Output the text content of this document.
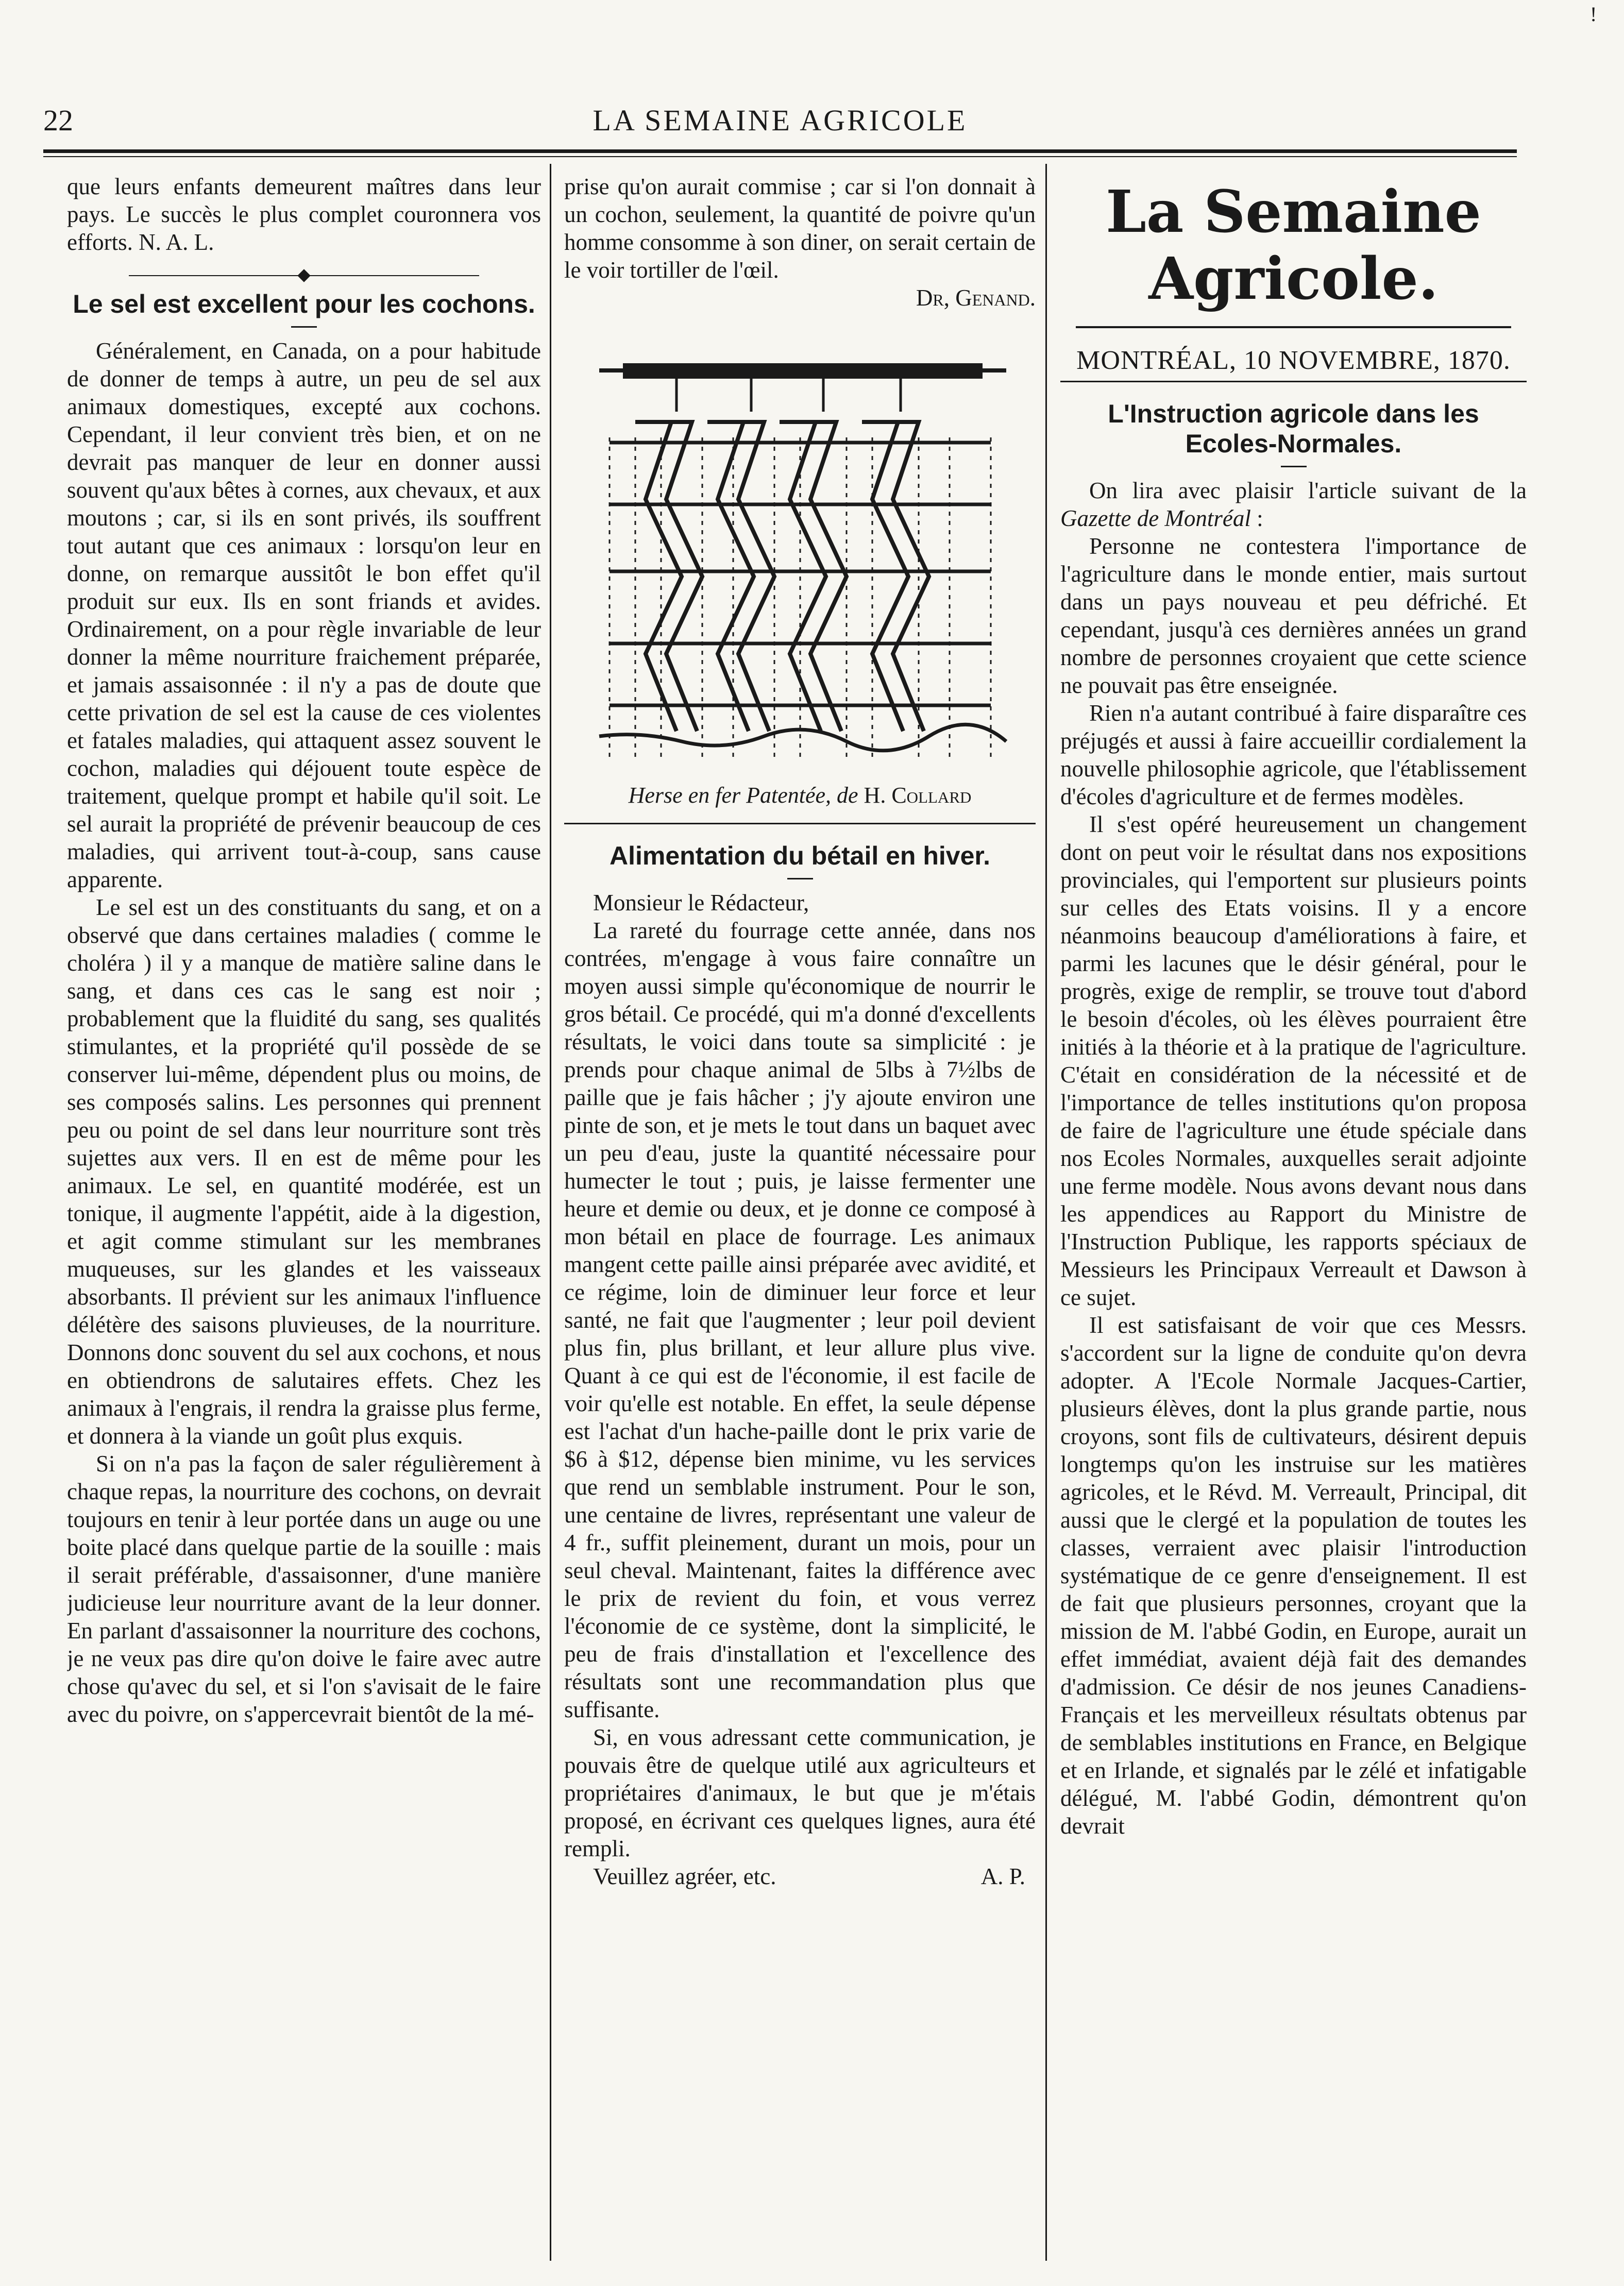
22	LA SEMAINE AGRICOLE
!

que leurs enfants demeurent maîtres dans leur pays. Le succès le plus complet couronnera vos efforts. N. A. L.

Le sel est excellent pour les cochons.

Généralement, en Canada, on a pour habitude de donner de temps à autre, un peu de sel aux animaux domestiques, excepté aux cochons. Cependant, il leur convient très bien, et on ne devrait pas manquer de leur en donner aussi souvent qu'aux bêtes à cornes, aux chevaux, et aux moutons ; car, si ils en sont privés, ils souffrent tout autant que ces animaux : lorsqu'on leur en donne, on remarque aussitôt le bon effet qu'il produit sur eux. Ils en sont friands et avides. Ordinairement, on a pour règle invariable de leur donner la même nourriture fraichement préparée, et jamais assaisonnée : il n'y a pas de doute que cette privation de sel est la cause de ces violentes et fatales maladies, qui attaquent assez souvent le cochon, maladies qui déjouent toute espèce de traitement, quelque prompt et habile qu'il soit. Le sel aurait la propriété de prévenir beaucoup de ces maladies, qui arrivent tout-à-coup, sans cause apparente.

Le sel est un des constituants du sang, et on a observé que dans certaines maladies ( comme le choléra ) il y a manque de matière saline dans le sang, et dans ces cas le sang est noir ; probablement que la fluidité du sang, ses qualités stimulantes, et la propriété qu'il possède de se conserver lui-même, dépendent plus ou moins, de ses composés salins. Les personnes qui prennent peu ou point de sel dans leur nourriture sont très sujettes aux vers. Il en est de même pour les animaux. Le sel, en quantité modérée, est un tonique, il augmente l'appétit, aide à la digestion, et agit comme stimulant sur les membranes muqueuses, sur les glandes et les vaisseaux absorbants. Il prévient sur les animaux l'influence délétère des saisons pluvieuses, de la nourriture. Donnons donc souvent du sel aux cochons, et nous en obtiendrons de salutaires effets. Chez les animaux à l'engrais, il rendra la graisse plus ferme, et donnera à la viande un goût plus exquis.

Si on n'a pas la façon de saler régulièrement à chaque repas, la nourriture des cochons, on devrait toujours en tenir à leur portée dans un auge ou une boite placé dans quelque partie de la souille : mais il serait préférable, d'assaisonner, d'une manière judicieuse leur nourriture avant de la leur donner. En parlant d'assaisonner la nourriture des cochons, je ne veux pas dire qu'on doive le faire avec autre chose qu'avec du sel, et si l'on s'avisait de le faire avec du poivre, on s'appercevrait bientôt de la mé-

prise qu'on aurait commise ; car si l'on donnait à un cochon, seulement, la quantité de poivre qu'un homme consomme à son diner, on serait certain de le voir tortiller de l'œil.

Dr, Genand.

Herse en fer Patentée, de H. Collard
Alimentation du bétail en hiver.

Monsieur le Rédacteur,

La rareté du fourrage cette année, dans nos contrées, m'engage à vous faire connaître un moyen aussi simple qu'économique de nourrir le gros bétail. Ce procédé, qui m'a donné d'excellents résultats, le voici dans toute sa simplicité : je prends pour chaque animal de 5lbs à 7½lbs de paille que je fais hâcher ; j'y ajoute environ une pinte de son, et je mets le tout dans un baquet avec un peu d'eau, juste la quantité nécessaire pour humecter le tout ; puis, je laisse fermenter une heure et demie ou deux, et je donne ce composé à mon bétail en place de fourrage. Les animaux mangent cette paille ainsi préparée avec avidité, et ce régime, loin de diminuer leur force et leur santé, ne fait que l'augmenter ; leur poil devient plus fin, plus brillant, et leur allure plus vive. Quant à ce qui est de l'économie, il est facile de voir qu'elle est notable. En effet, la seule dépense est l'achat d'un hache-paille dont le prix varie de $6 à $12, dépense bien minime, vu les services que rend un semblable instrument. Pour le son, une centaine de livres, représentant une valeur de 4 fr., suffit pleinement, durant un mois, pour un seul cheval. Maintenant, faites la différence avec le prix de revient du foin, et vous verrez l'économie de ce système, dont la simplicité, le peu de frais d'installation et l'excellence des résultats sont une recommandation plus que suffisante.

Si, en vous adressant cette communication, je pouvais être de quelque utilé aux agriculteurs et propriétaires d'animaux, le but que je m'étais proposé, en écrivant ces quelques lignes, aura été rempli.

Veuillez agréer, etc.	A. P.

La Semaine Agricole.
MONTRÉAL, 10 NOVEMBRE, 1870.
L'Instruction agricole dans les Ecoles-Normales.

On lira avec plaisir l'article suivant de la Gazette de Montréal :

Personne ne contestera l'importance de l'agriculture dans le monde entier, mais surtout dans un pays nouveau et peu défriché. Et cependant, jusqu'à ces dernières années un grand nombre de personnes croyaient que cette science ne pouvait pas être enseignée.

Rien n'a autant contribué à faire disparaître ces préjugés et aussi à faire accueillir cordialement la nouvelle philosophie agricole, que l'établissement d'écoles d'agriculture et de fermes modèles.

Il s'est opéré heureusement un changement dont on peut voir le résultat dans nos expositions provinciales, qui l'emportent sur plusieurs points sur celles des Etats voisins. Il y a encore néanmoins beaucoup d'améliorations à faire, et parmi les lacunes que le désir général, pour le progrès, exige de remplir, se trouve tout d'abord le besoin d'écoles, où les élèves pourraient être initiés à la théorie et à la pratique de l'agriculture. C'était en considération de la nécessité et de l'importance de telles institutions qu'on proposa de faire de l'agriculture une étude spéciale dans nos Ecoles Normales, auxquelles serait adjointe une ferme modèle. Nous avons devant nous dans les appendices au Rapport du Ministre de l'Instruction Publique, les rapports spéciaux de Messieurs les Principaux Verreault et Dawson à ce sujet.

Il est satisfaisant de voir que ces Messrs. s'accordent sur la ligne de conduite qu'on devra adopter. A l'Ecole Normale Jacques-Cartier, plusieurs élèves, dont la plus grande partie, nous croyons, sont fils de cultivateurs, désirent depuis longtemps qu'on les instruise sur les matières agricoles, et le Révd. M. Verreault, Principal, dit aussi que le clergé et la population de toutes les classes, verraient avec plaisir l'introduction systématique de ce genre d'enseignement. Il est de fait que plusieurs personnes, croyant que la mission de M. l'abbé Godin, en Europe, aurait un effet immédiat, avaient déjà fait des demandes d'admission. Ce désir de nos jeunes Canadiens-Français et les merveilleux résultats obtenus par de semblables institutions en France, en Belgique et en Irlande, et signalés par le zélé et infatigable délégué, M. l'abbé Godin, démontrent qu'on devrait
